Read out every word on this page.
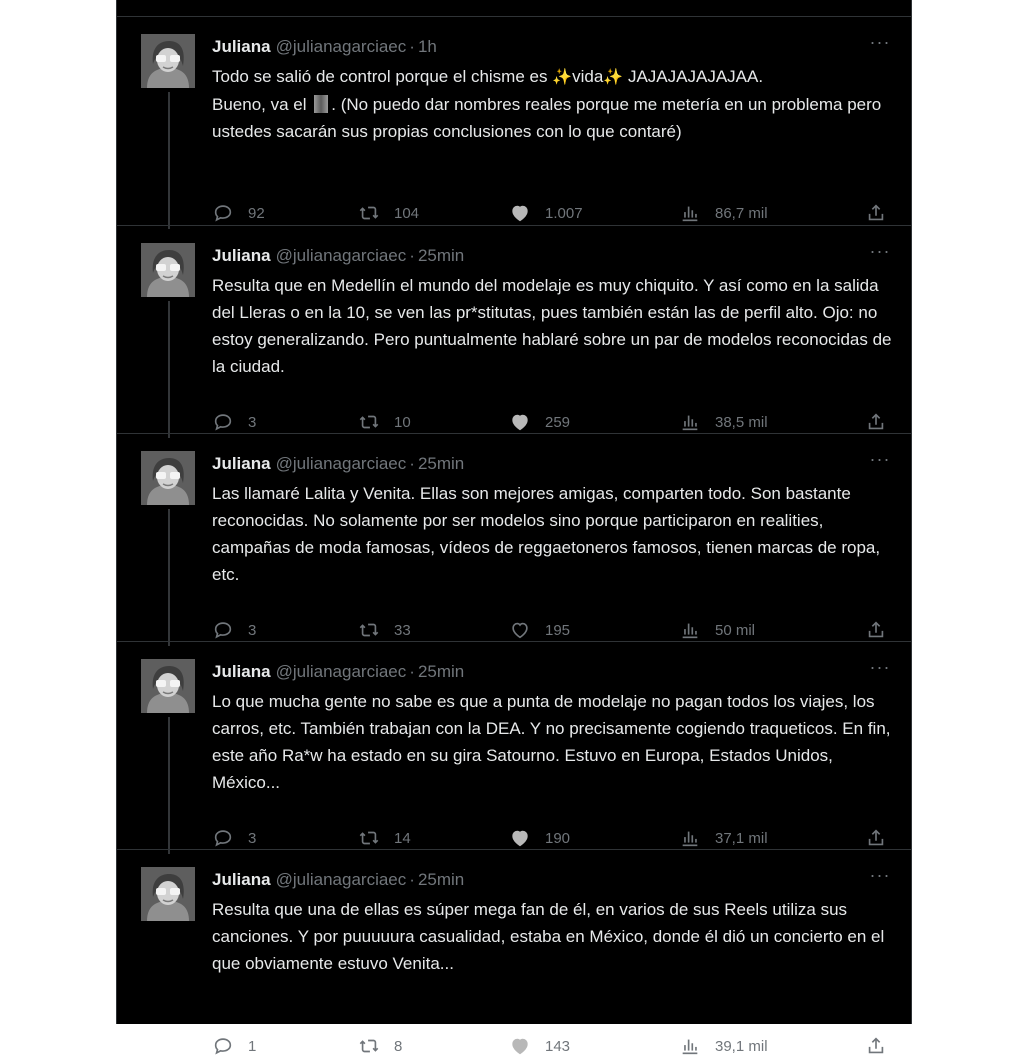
Juliana @julianagarciaec · 1h	···
Todo se salió de control porque el chisme es ✨vida✨ JAJAJAJAJAJAA.
Bueno, va el . (No puedo dar nombres reales porque me metería en un problema pero ustedes sacarán sus propias conclusiones con lo que contaré)
92	104	1.007	86,7 mil
Juliana @julianagarciaec · 25min	···
Resulta que en Medellín el mundo del modelaje es muy chiquito. Y así como en la salida del Lleras o en la 10, se ven las pr*stitutas, pues también están las de perfil alto. Ojo: no estoy generalizando. Pero puntualmente hablaré sobre un par de modelos reconocidas de la ciudad.
3	10	259	38,5 mil
Juliana @julianagarciaec · 25min	···
Las llamaré Lalita y Venita. Ellas son mejores amigas, comparten todo. Son bastante reconocidas. No solamente por ser modelos sino porque participaron en realities, campañas de moda famosas, vídeos de reggaetoneros famosos, tienen marcas de ropa, etc.
3	33	195	50 mil
Juliana @julianagarciaec · 25min	···
Lo que mucha gente no sabe es que a punta de modelaje no pagan todos los viajes, los carros, etc. También trabajan con la DEA. Y no precisamente cogiendo traqueticos. En fin, este año Ra*w ha estado en su gira Satourno. Estuvo en Europa, Estados Unidos, México...
3	14	190	37,1 mil
Juliana @julianagarciaec · 25min	···
Resulta que una de ellas es súper mega fan de él, en varios de sus Reels utiliza sus canciones. Y por puuuuura casualidad, estaba en México, donde él dió un concierto en el que obviamente estuvo Venita...
1	8	143	39,1 mil
